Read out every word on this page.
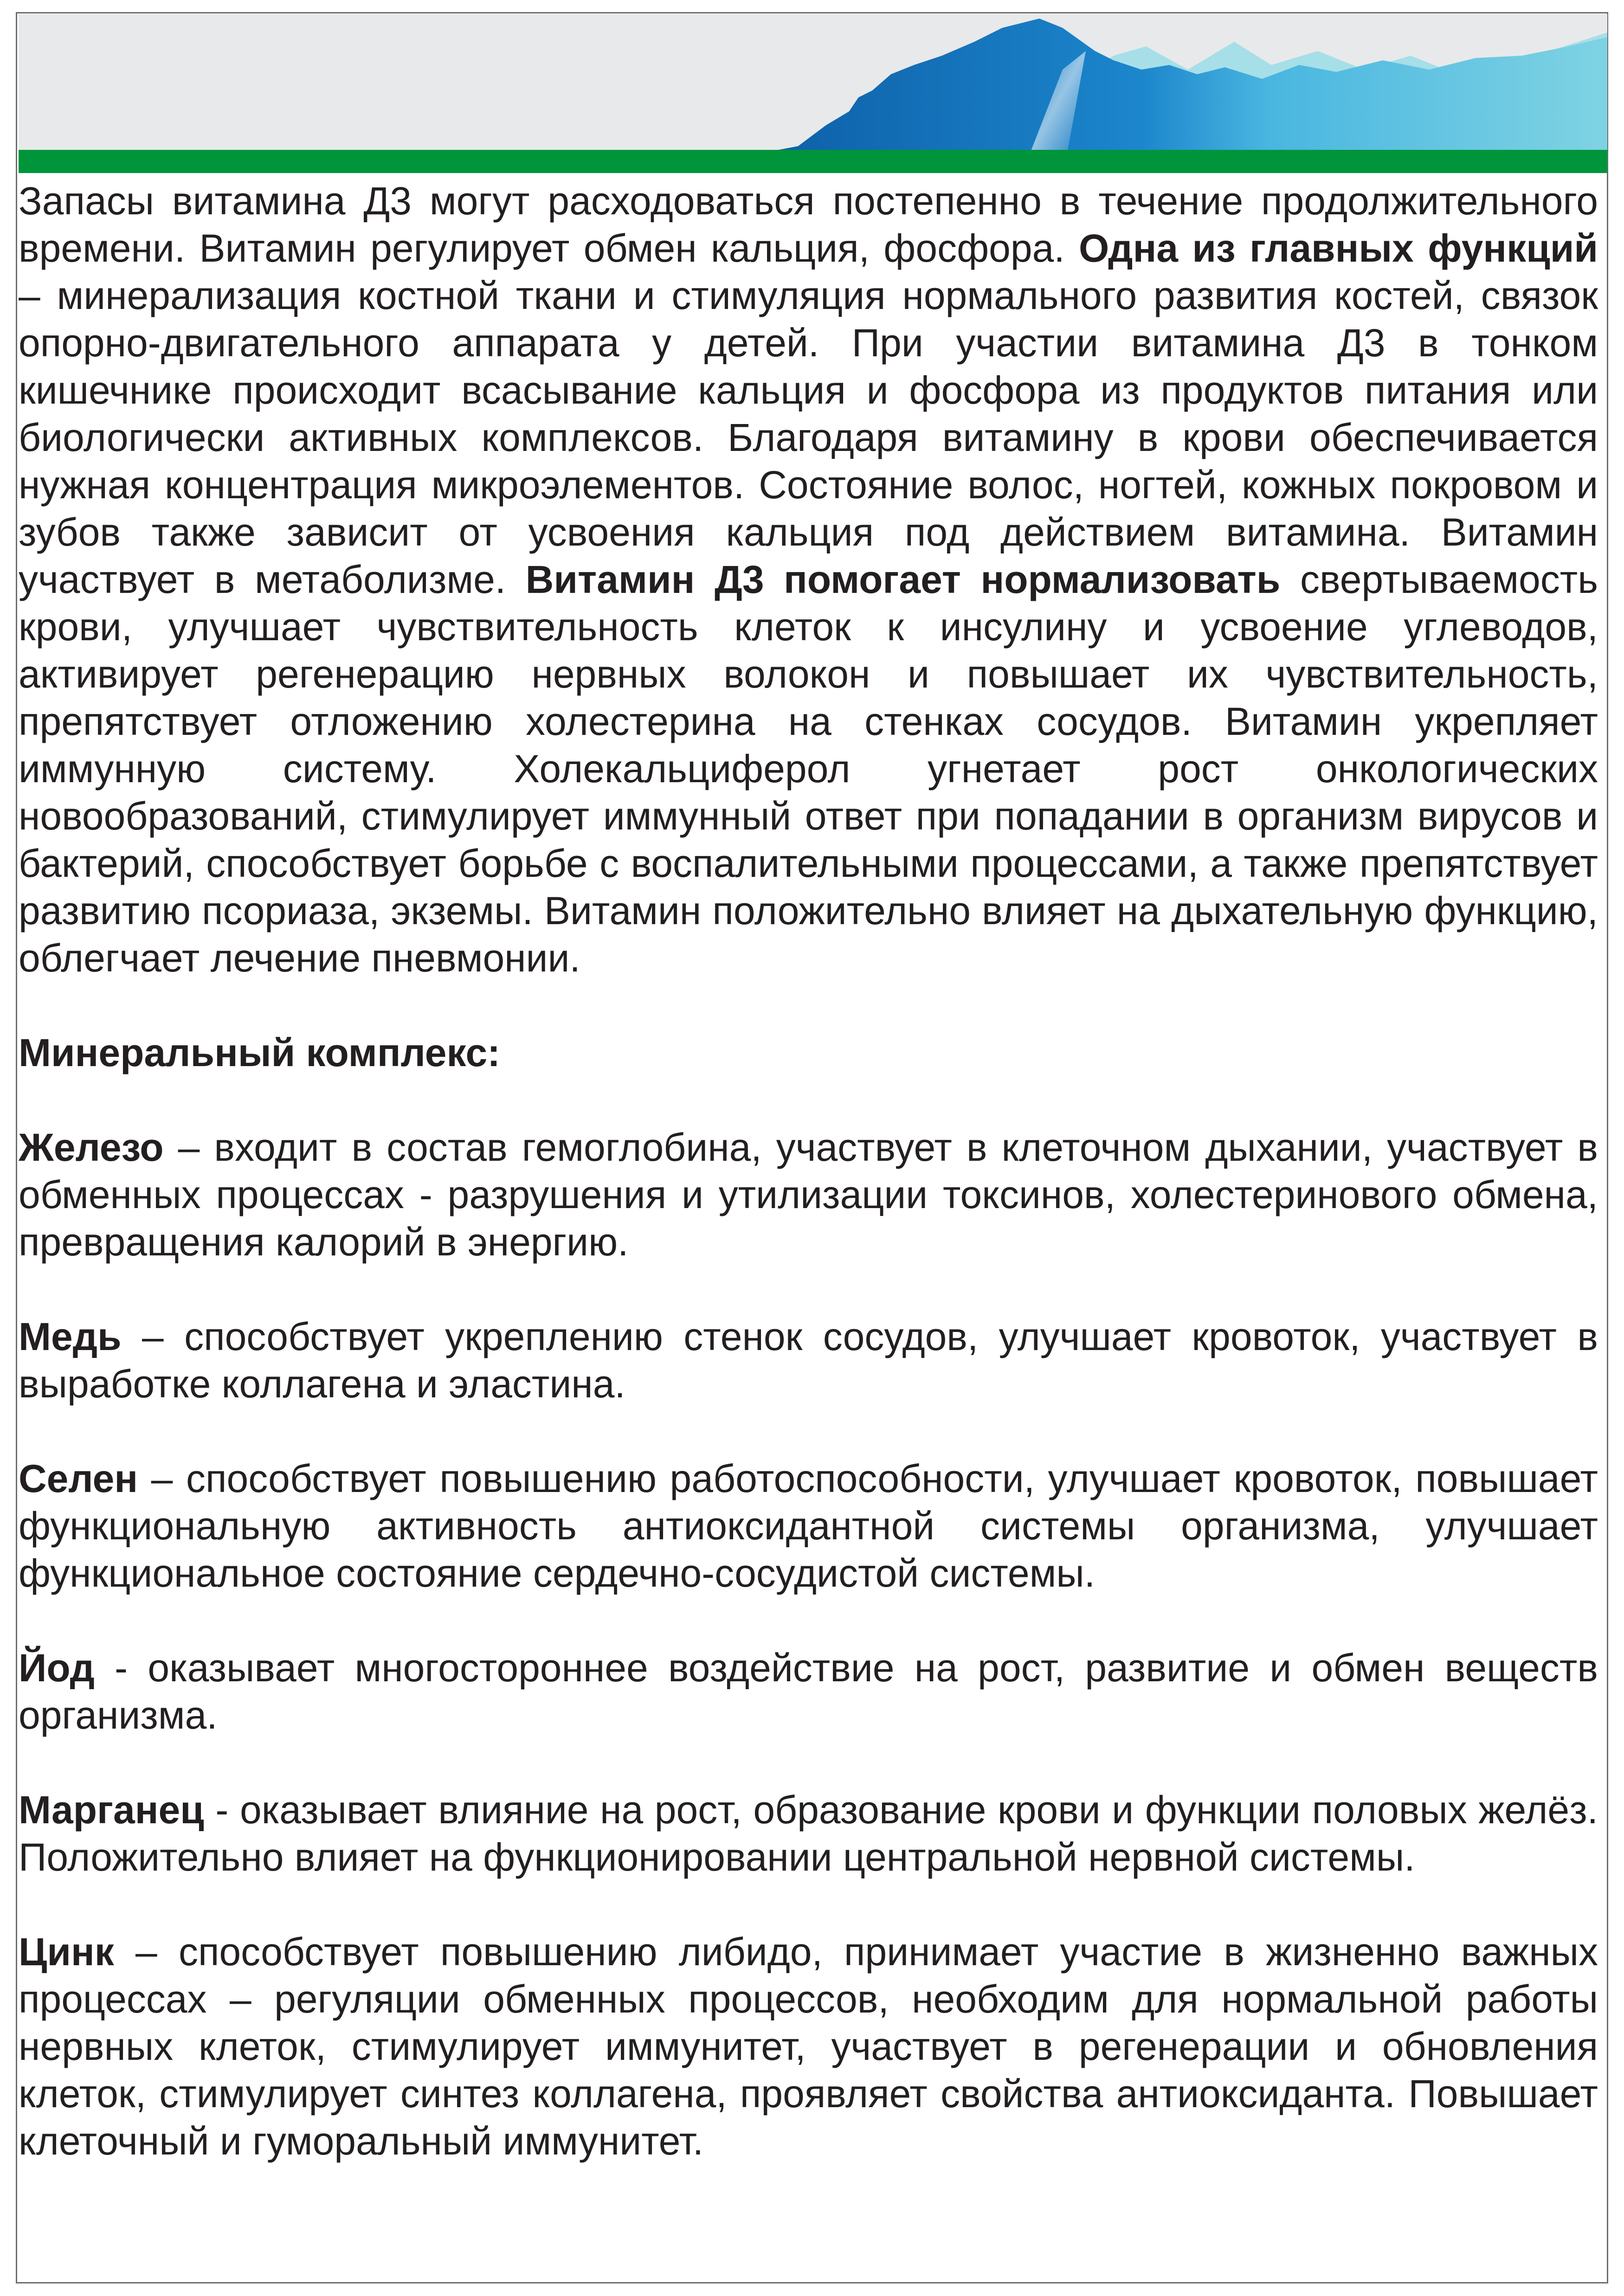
Запасы витамина Д3 могут расходоваться постепенно в течение продолжительного времени. Витамин регулирует обмен кальция, фосфора. Одна из главных функций – минерализация костной ткани и стимуляция нормального развития костей, связок опорно-двигательного аппарата у детей. При участии витамина Д3 в тонком кишечнике происходит всасывание кальция и фосфора из продуктов питания или биологически активных комплексов. Благодаря витамину в крови обеспечивается нужная концентрация микроэлементов. Состояние волос, ногтей, кожных покровом и зубов также зависит от усвоения кальция под действием витамина. Витамин участвует в метаболизме. Витамин Д3 помогает нормализовать свертываемость крови, улучшает чувствительность клеток к инсулину и усвоение углеводов, активирует регенерацию нервных волокон и повышает их чувствительность, препятствует отложению холестерина на стенках сосудов. Витамин укрепляет иммунную систему. Холекальциферол угнетает рост онкологических новообразований, стимулирует иммунный ответ при попадании в организм вирусов и бактерий, способствует борьбе с воспалительными процессами, а также препятствует развитию псориаза, экземы. Витамин положительно влияет на дыхательную функцию, облегчает лечение пневмонии.

Минеральный комплекс:

Железо – входит в состав гемоглобина, участвует в клеточном дыхании, участвует в обменных процессах - разрушения и утилизации токсинов, холестеринового обмена, превращения калорий в энергию.

Медь – способствует укреплению стенок сосудов, улучшает кровоток, участвует в выработке коллагена и эластина.

Селен – способствует повышению работоспособности, улучшает кровоток, повышает функциональную активность антиоксидантной системы организма, улучшает функциональное состояние сердечно-сосудистой системы.

Йод - оказывает многостороннее воздействие на рост, развитие и обмен веществ организма.

Марганец - оказывает влияние на рост, образование крови и функции половых желёз. Положительно влияет на функционировании центральной нервной системы.

Цинк – способствует повышению либидо, принимает участие в жизненно важных процессах – регуляции обменных процессов, необходим для нормальной работы нервных клеток, стимулирует иммунитет, участвует в регенерации и обновления клеток, стимулирует синтез коллагена, проявляет свойства антиоксиданта. Повышает клеточный и гуморальный иммунитет.
